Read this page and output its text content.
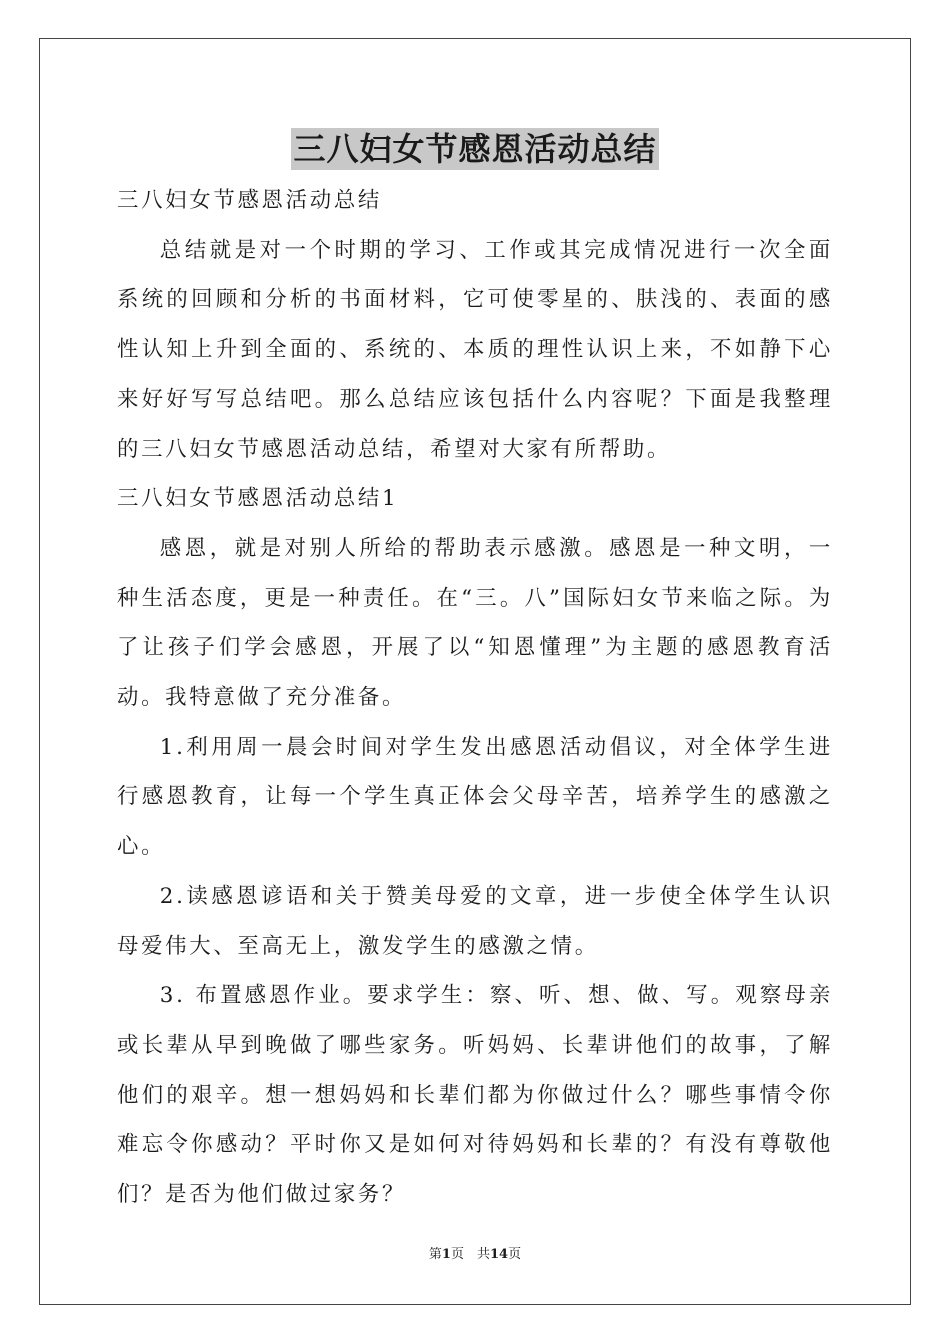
三八妇女节感恩活动总结

三八妇女节感恩活动总结

总结就是对一个时期的学习、工作或其完成情况进行一次全面系统的回顾和分析的书面材料，它可使零星的、肤浅的、表面的感性认知上升到全面的、系统的、本质的理性认识上来，不如静下心来好好写写总结吧。那么总结应该包括什么内容呢？下面是我整理的三八妇女节感恩活动总结，希望对大家有所帮助。

三八妇女节感恩活动总结1

感恩，就是对别人所给的帮助表示感激。感恩是一种文明，一种生活态度，更是一种责任。在“三。八”国际妇女节来临之际。为了让孩子们学会感恩，开展了以“知恩懂理”为主题的感恩教育活动。我特意做了充分准备。

1.利用周一晨会时间对学生发出感恩活动倡议，对全体学生进行感恩教育，让每一个学生真正体会父母辛苦，培养学生的感激之心。

2.读感恩谚语和关于赞美母爱的文章，进一步使全体学生认识母爱伟大、至高无上，激发学生的感激之情。

3. 布置感恩作业。要求学生：察、听、想、做、写。观察母亲或长辈从早到晚做了哪些家务。听妈妈、长辈讲他们的故事，了解他们的艰辛。想一想妈妈和长辈们都为你做过什么？哪些事情令你难忘令你感动？平时你又是如何对待妈妈和长辈的？有没有尊敬他们？是否为他们做过家务？

第1页　共14页
